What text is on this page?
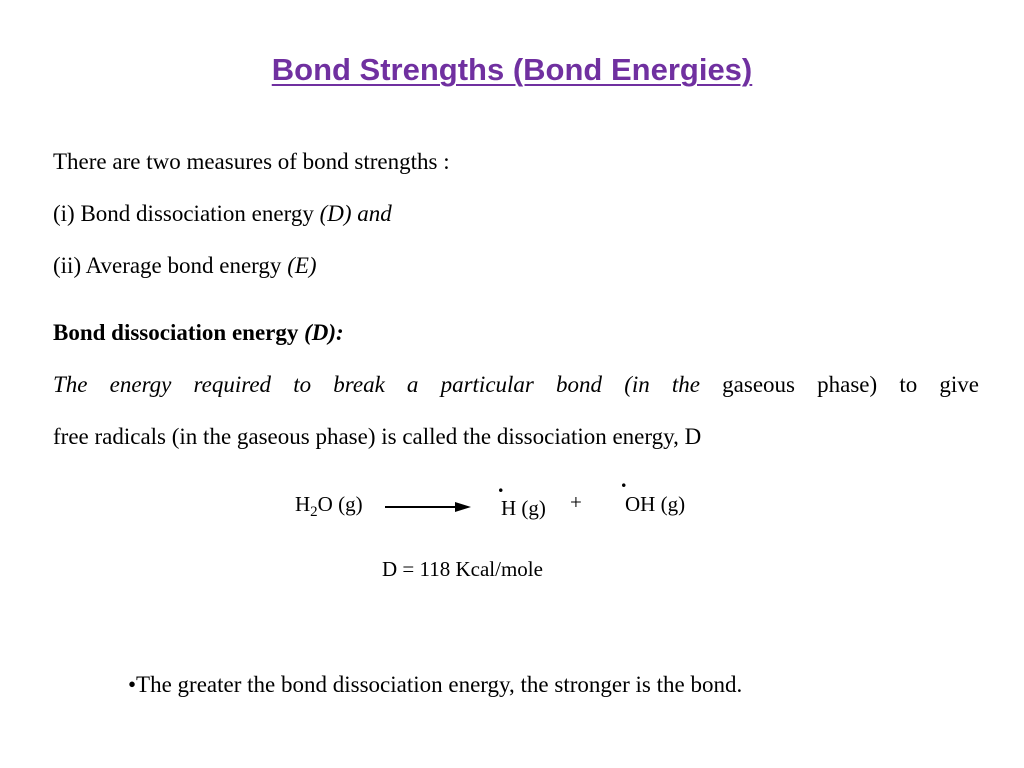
Bond Strengths (Bond Energies)
There are two measures of bond strengths :
(i) Bond dissociation energy (D) and
(ii) Average bond energy (E)
Bond dissociation energy (D):
The energy required to break a particular bond (in the gaseous phase) to give
free radicals (in the gaseous phase) is called the dissociation energy, D
$H_2O$ (g)
.
H (g) +
.
OH (g)
D = 118 Kcal/mole
•The greater the bond dissociation energy, the stronger is the bond.
